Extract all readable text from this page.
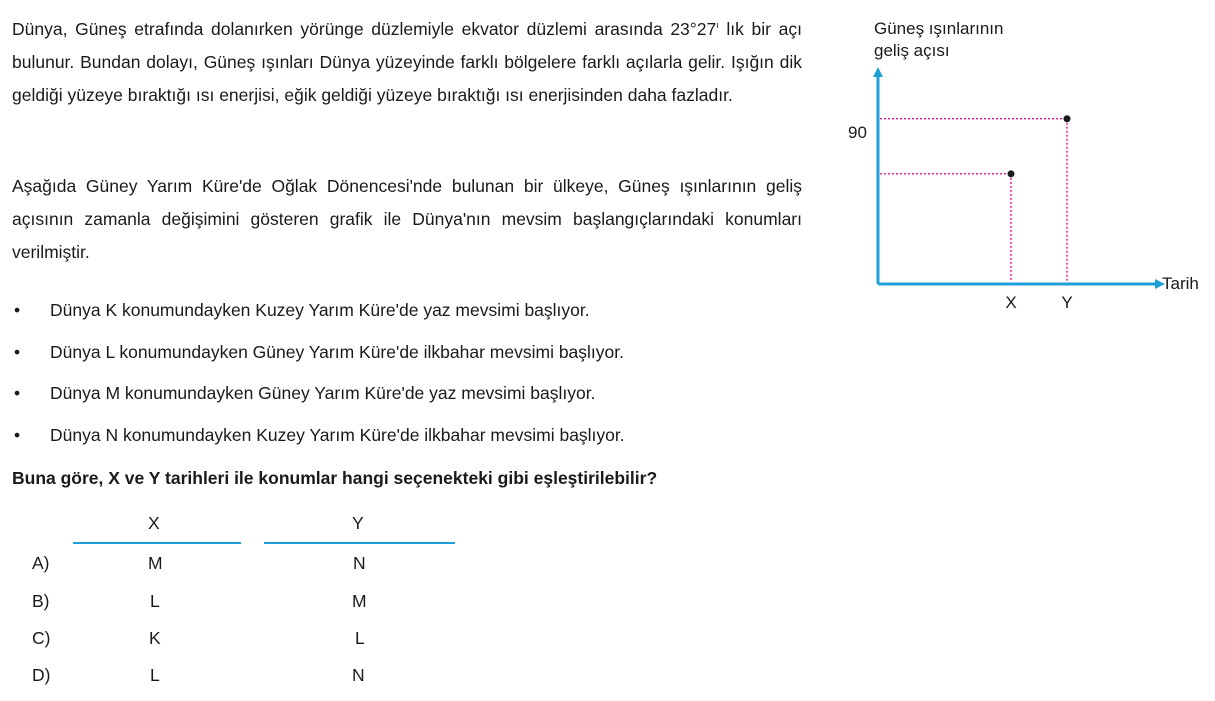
Dünya, Güneş etrafında dolanırken yörünge düzlemiyle ekvator düzlemi arasında $23^\circ 27^ı$ lık bir açı bulunur. Bundan dolayı, Güneş ışınları Dünya yüzeyinde farklı bölgelere farklı açılarla gelir. Işığın dik geldiği yüzeye bıraktığı ısı enerjisi, eğik geldiği yüzeye bıraktığı ısı enerjisinden daha fazladır.

Aşağıda Güney Yarım Küre'de Oğlak Dönencesi'nde bulunan bir ülkeye, Güneş ışınlarının geliş açısının zamanla değişimini gösteren grafik ile Dünya'nın mevsim başlangıçlarındaki konumları verilmiştir.

• Dünya K konumundayken Kuzey Yarım Küre'de yaz mevsimi başlıyor.
• Dünya L konumundayken Güney Yarım Küre'de ilkbahar mevsimi başlıyor.
• Dünya M konumundayken Güney Yarım Küre'de yaz mevsimi başlıyor.
• Dünya N konumundayken Kuzey Yarım Küre'de ilkbahar mevsimi başlıyor.

Buna göre, X ve Y tarihleri ile konumlar hangi seçenekteki gibi eşleştirilebilir?

X	Y
A)	M	N
B)	L	M
C)	K	L
D)	L	N
Güneş ışınlarının
geliş açısı
X	Y
90
Tarih
